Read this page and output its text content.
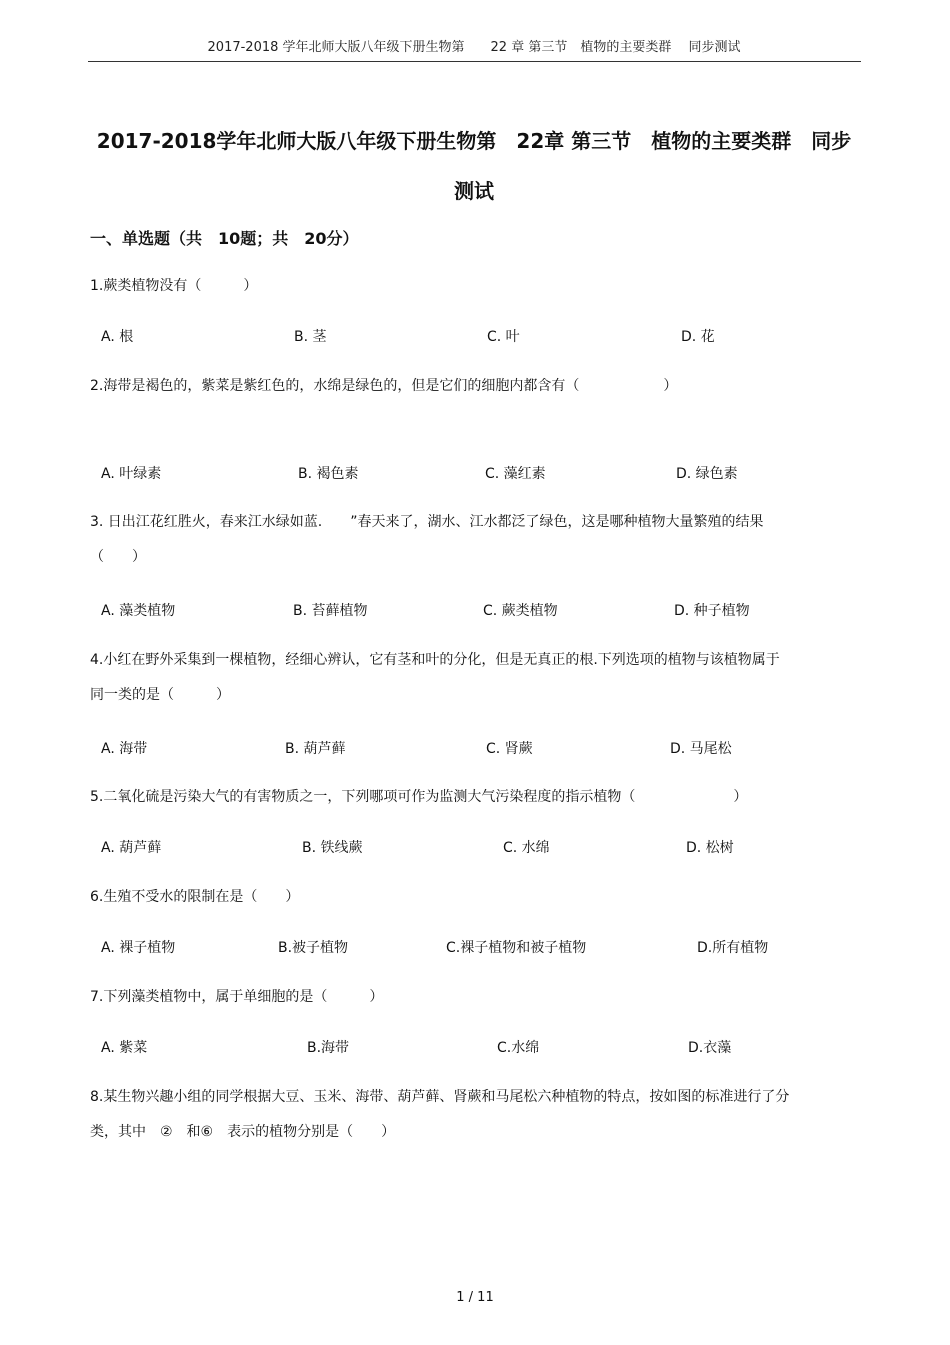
2017-2018 学年北师大版八年级下册生物第　　22 章 第三节　植物的主要类群　 同步测试
2017-2018学年北师大版八年级下册生物第　22章 第三节　植物的主要类群　同步
测试
一、单选题（共　10题；共　20分）
1.蕨类植物没有（　　　）
A. 根	B. 茎	C. 叶	D. 花
2.海带是褐色的，紫菜是紫红色的，水绵是绿色的，但是它们的细胞内都含有（　　　　　　）
A. 叶绿素	B. 褐色素	C. 藻红素	D. 绿色素
3. 日出江花红胜火，春来江水绿如蓝.　　”春天来了，湖水、江水都泛了绿色，这是哪种植物大量繁殖的结果（　　）
A. 藻类植物	B. 苔藓植物	C. 蕨类植物	D. 种子植物
4.小红在野外采集到一棵植物，经细心辨认，它有茎和叶的分化，但是无真正的根.下列选项的植物与该植物属于同一类的是（　　　）
A. 海带	B. 葫芦藓	C. 肾蕨	D. 马尾松
5.二氧化硫是污染大气的有害物质之一，下列哪项可作为监测大气污染程度的指示植物（　　　　　　　）
A. 葫芦藓	B. 铁线蕨	C. 水绵	D. 松树
6.生殖不受水的限制在是（　　）
A. 裸子植物	B.被子植物	C.裸子植物和被子植物	D.所有植物
7.下列藻类植物中，属于单细胞的是（　　　）
A. 紫菜	B.海带	C.水绵	D.衣藻
8.某生物兴趣小组的同学根据大豆、玉米、海带、葫芦藓、肾蕨和马尾松六种植物的特点，按如图的标准进行了分类，其中　②　和⑥　表示的植物分别是（　　）
1 / 11
